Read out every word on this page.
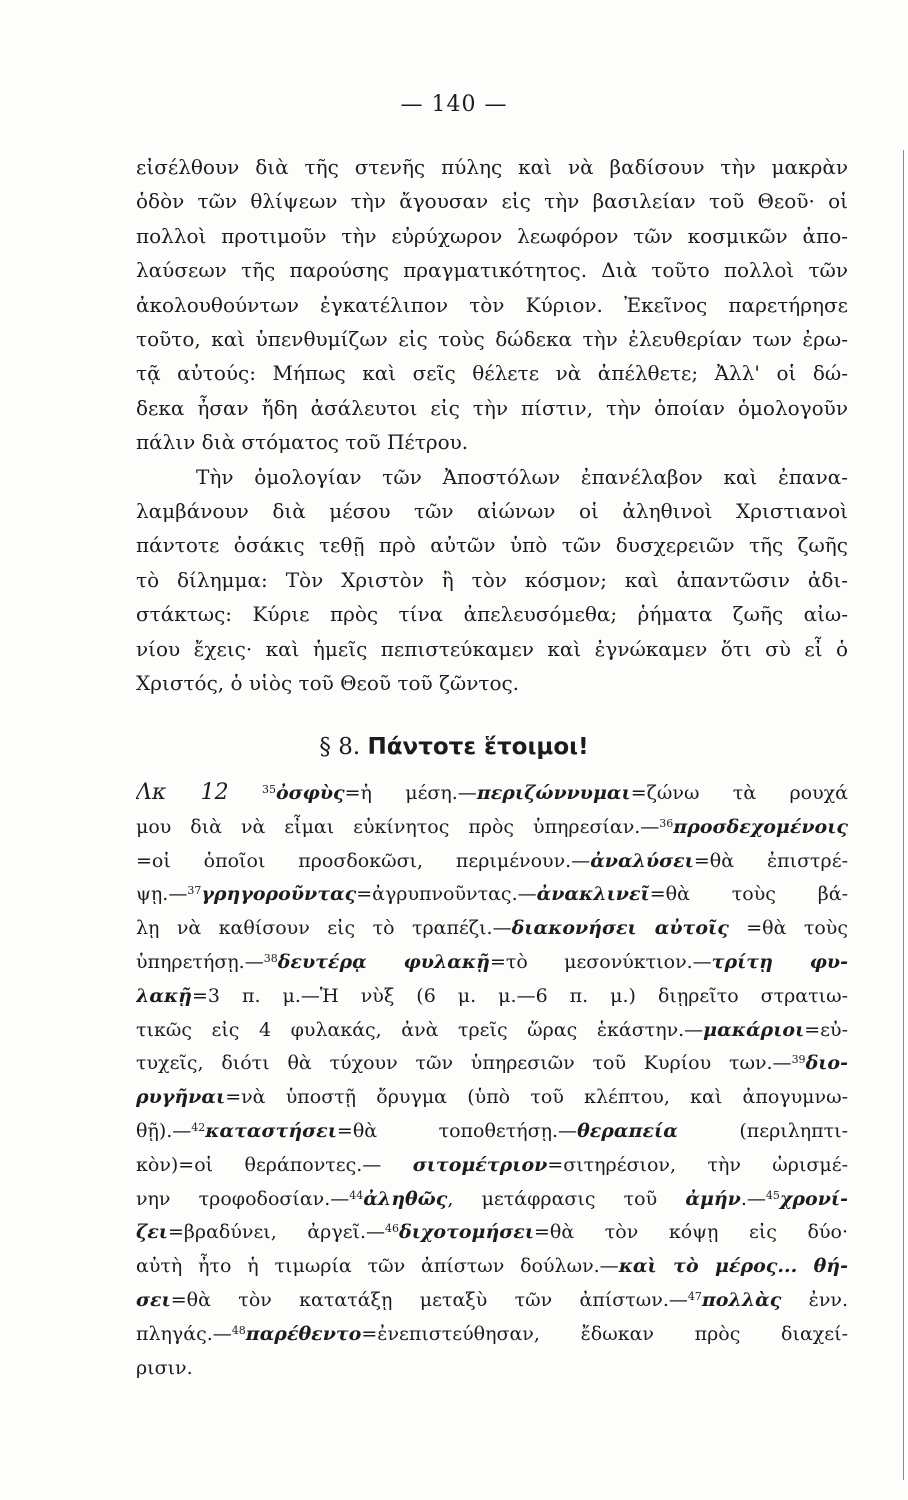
— 140 —
εἰσέλθουν διὰ τῆς στενῆς πύλης καὶ νὰ βαδίσουν τὴν μακρὰν
ὁδὸν τῶν θλίψεων τὴν ἄγουσαν εἰς τὴν βασιλείαν τοῦ Θεοῦ· οἱ
πολλοὶ προτιμοῦν τὴν εὐρύχωρον λεωφόρον τῶν κοσμικῶν ἀπο-
λαύσεων τῆς παρούσης πραγματικότητος. Διὰ τοῦτο πολλοὶ τῶν
ἀκολουθούντων ἐγκατέλιπον τὸν Κύριον. Ἐκεῖνος παρετήρησε
τοῦτο, καὶ ὑπενθυμίζων εἰς τοὺς δώδεκα τὴν ἐλευθερίαν των ἐρω-
τᾷ αὐτούς: Μήπως καὶ σεῖς θέλετε νὰ ἀπέλθετε; Ἀλλ' οἱ δώ-
δεκα ἦσαν ἤδη ἀσάλευτοι εἰς τὴν πίστιν, τὴν ὁποίαν ὁμολογοῦν
πάλιν διὰ στόματος τοῦ Πέτρου.
Τὴν ὁμολογίαν τῶν Ἀποστόλων ἐπανέλαβον καὶ ἐπανα-
λαμβάνουν διὰ μέσου τῶν αἰώνων οἱ ἀληθινοὶ Χριστιανοὶ
πάντοτε ὁσάκις τεθῇ πρὸ αὐτῶν ὑπὸ τῶν δυσχερειῶν τῆς ζωῆς
τὸ δίλημμα: Τὸν Χριστὸν ἢ τὸν κόσμον; καὶ ἀπαντῶσιν ἀδι-
στάκτως: Κύριε πρὸς τίνα ἀπελευσόμεθα; ῥήματα ζωῆς αἰω-
νίου ἔχεις· καὶ ἡμεῖς πεπιστεύκαμεν καὶ ἐγνώκαμεν ὅτι σὺ εἶ ὁ
Χριστός, ὁ υἱὸς τοῦ Θεοῦ τοῦ ζῶντος.
§ 8. Πάντοτε ἕτοιμοι!
Λκ 12	$^{35}$ὀσφὺς=ἡ μέση.—περιζώννυμαι=ζώνω τὰ ρουχά
μου διὰ νὰ εἶμαι εὐκίνητος πρὸς ὑπηρεσίαν.—$^{36}$προσδεχομένοις
=οἱ ὁποῖοι προσδοκῶσι, περιμένουν.—ἀναλύσει=θὰ ἐπιστρέ-
ψῃ.—$^{37}$γρηγοροῦντας=ἀγρυπνοῦντας.—ἀνακλινεῖ=θὰ τοὺς βά-
λῃ νὰ καθίσουν εἰς τὸ τραπέζι.—διακονήσει αὐτοῖς =θὰ τοὺς
ὑπηρετήσῃ.—$^{38}$δευτέρᾳ φυλακῇ=τὸ μεσονύκτιον.—τρίτῃ φυ-
λακῇ=3 π. μ.—Ἡ νὺξ (6 μ. μ.—6 π. μ.) διῃρεῖτο στρατιω-
τικῶς εἰς 4 φυλακάς, ἀνὰ τρεῖς ὥρας ἑκάστην.—μακάριοι=εὐ-
τυχεῖς, διότι θὰ τύχουν τῶν ὑπηρεσιῶν τοῦ Κυρίου των.—$^{39}$διο-
ρυγῆναι=νὰ ὑποστῇ ὄρυγμα (ὑπὸ τοῦ κλέπτου, καὶ ἀπογυμνω-
θῇ).—$^{42}$καταστήσει=θὰ τοποθετήσῃ.—θεραπεία	(περιληπτι-
κὸν)=οἱ θεράποντες.— σιτομέτριον=σιτηρέσιον, τὴν ὡρισμέ-
νην τροφοδοσίαν.—$^{44}$ἀληθῶς, μετάφρασις τοῦ ἀμήν.—$^{45}$χρονί-
ζει=βραδύνει, ἀργεῖ.—$^{46}$διχοτομήσει=θὰ τὸν κόψῃ εἰς δύο·
αὐτὴ ἦτο ἡ τιμωρία τῶν ἀπίστων δούλων.—καὶ τὸ μέρος... θή-
σει=θὰ τὸν κατατάξῃ μεταξὺ τῶν ἀπίστων.—$^{47}$πολλὰς ἐνν.
πληγάς.—$^{48}$παρέθεντο=ἐνεπιστεύθησαν, ἔδωκαν πρὸς διαχεί-
ρισιν.
